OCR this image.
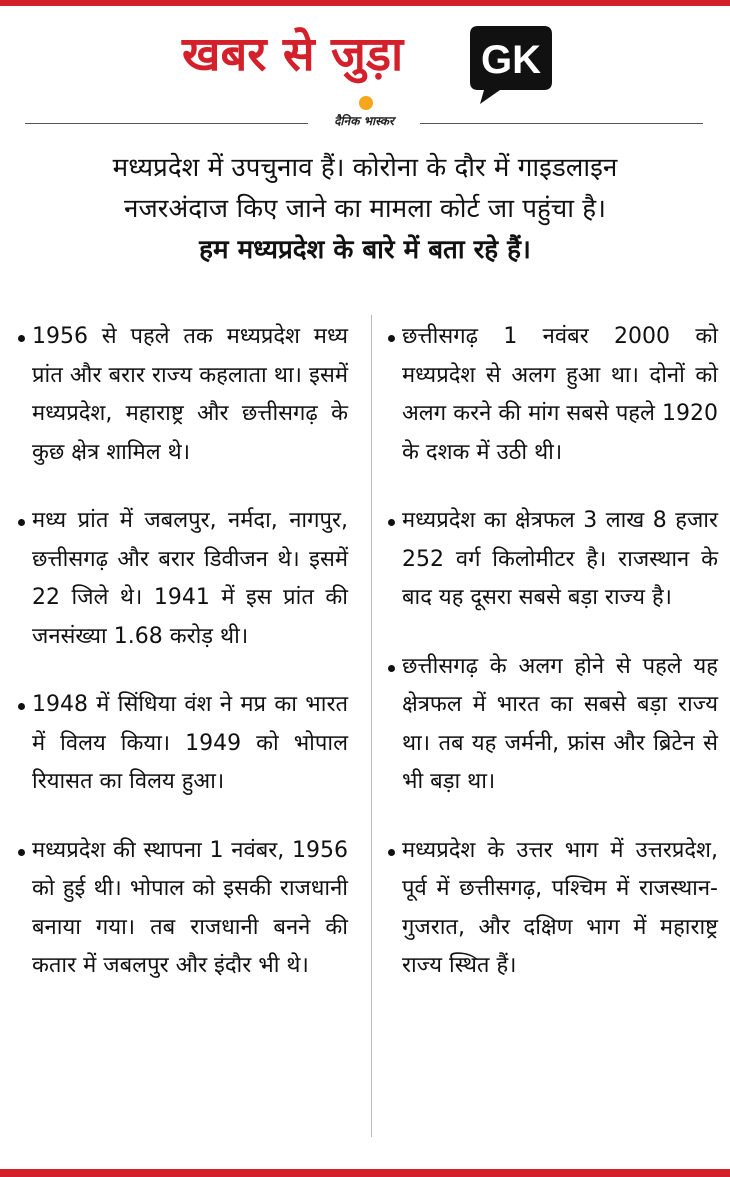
खबर से जुड़ा GK
दैनिक भास्कर

मध्यप्रदेश में उपचुनाव हैं। कोरोना के दौर में गाइडलाइन

नजरअंदाज किए जाने का मामला कोर्ट जा पहुंचा है।

हम मध्यप्रदेश के बारे में बता रहे हैं।

1956 से पहले तक मध्यप्रदेश मध्य प्रांत और बरार राज्य कहलाता था। इसमें मध्यप्रदेश, महाराष्ट्र और छत्तीसगढ़ के कुछ क्षेत्र शामिल थे।
मध्य प्रांत में जबलपुर, नर्मदा, नागपुर, छत्तीसगढ़ और बरार डिवीजन थे। इसमें 22 जिले थे। 1941 में इस प्रांत की जनसंख्या 1.68 करोड़ थी।
1948 में सिंधिया वंश ने मप्र का भारत में विलय किया। 1949 को भोपाल रियासत का विलय हुआ।
मध्यप्रदेश की स्थापना 1 नवंबर, 1956 को हुई थी। भोपाल को इसकी राजधानी बनाया गया। तब राजधानी बनने की कतार में जबलपुर और इंदौर भी थे।
छत्तीसगढ़ 1 नवंबर 2000 को मध्यप्रदेश से अलग हुआ था। दोनों को अलग करने की मांग सबसे पहले 1920 के दशक में उठी थी।
मध्यप्रदेश का क्षेत्रफल 3 लाख 8 हजार 252 वर्ग किलोमीटर है। राजस्थान के बाद यह दूसरा सबसे बड़ा राज्य है।
छत्तीसगढ़ के अलग होने से पहले यह क्षेत्रफल में भारत का सबसे बड़ा राज्य था। तब यह जर्मनी, फ्रांस और ब्रिटेन से भी बड़ा था।
मध्यप्रदेश के उत्तर भाग में उत्तरप्रदेश, पूर्व में छत्तीसगढ़, पश्चिम में राजस्थान-गुजरात, और दक्षिण भाग में महाराष्ट्र राज्य स्थित हैं।
